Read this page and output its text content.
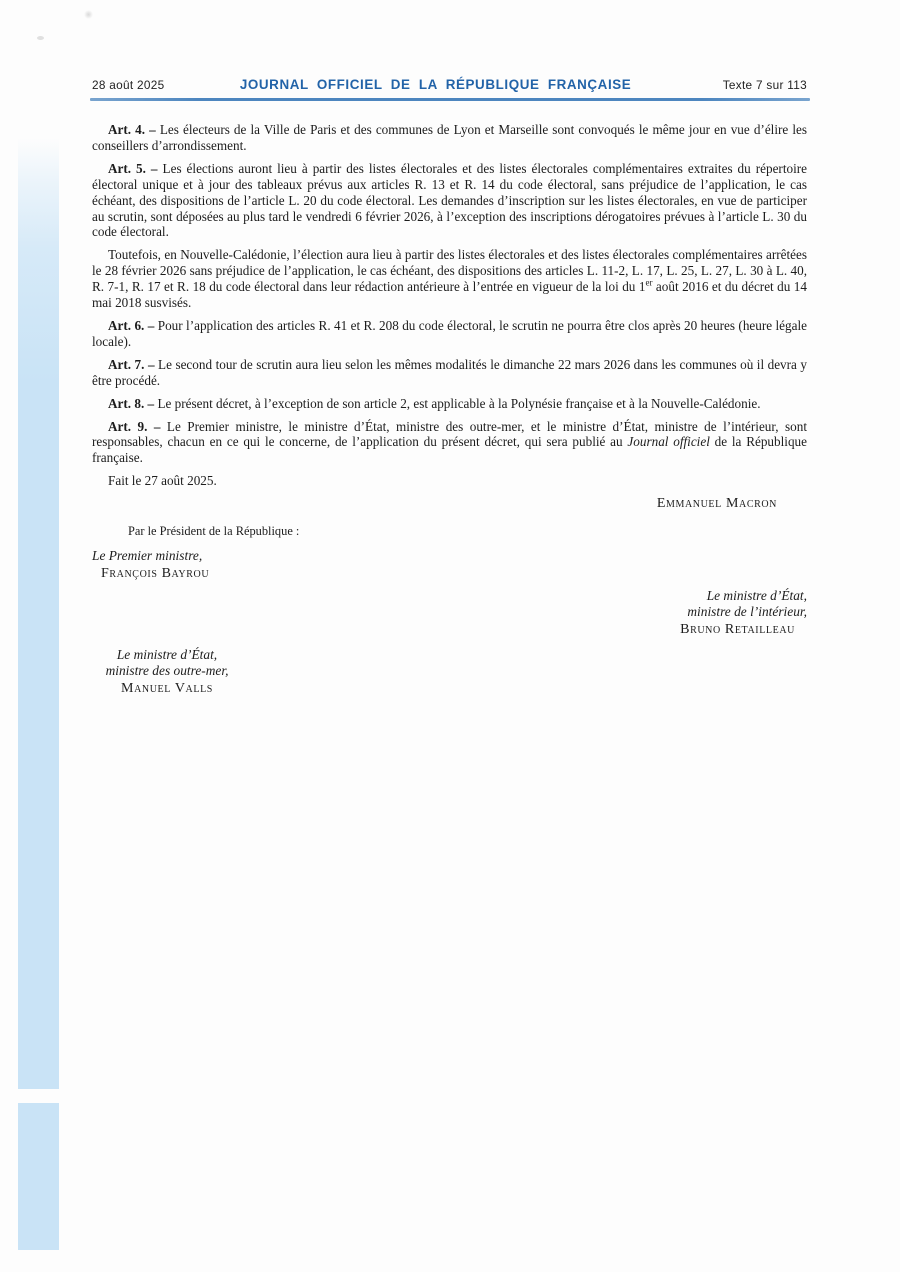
28 août 2025	JOURNAL OFFICIEL DE LA RÉPUBLIQUE FRANÇAISE	Texte 7 sur 113

Art. 4. – Les électeurs de la Ville de Paris et des communes de Lyon et Marseille sont convoqués le même jour en vue d’élire les conseillers d’arrondissement.

Art. 5. – Les élections auront lieu à partir des listes électorales et des listes électorales complémentaires extraites du répertoire électoral unique et à jour des tableaux prévus aux articles R. 13 et R. 14 du code électoral, sans préjudice de l’application, le cas échéant, des dispositions de l’article L. 20 du code électoral. Les demandes d’inscription sur les listes électorales, en vue de participer au scrutin, sont déposées au plus tard le vendredi 6 février 2026, à l’exception des inscriptions dérogatoires prévues à l’article L. 30 du code électoral.

Toutefois, en Nouvelle-Calédonie, l’élection aura lieu à partir des listes électorales et des listes électorales complémentaires arrêtées le 28 février 2026 sans préjudice de l’application, le cas échéant, des dispositions des articles L. 11-2, L. 17, L. 25, L. 27, L. 30 à L. 40, R. 7-1, R. 17 et R. 18 du code électoral dans leur rédaction antérieure à l’entrée en vigueur de la loi du 1er août 2016 et du décret du 14 mai 2018 susvisés.

Art. 6. – Pour l’application des articles R. 41 et R. 208 du code électoral, le scrutin ne pourra être clos après 20 heures (heure légale locale).

Art. 7. – Le second tour de scrutin aura lieu selon les mêmes modalités le dimanche 22 mars 2026 dans les communes où il devra y être procédé.

Art. 8. – Le présent décret, à l’exception de son article 2, est applicable à la Polynésie française et à la Nouvelle-Calédonie.

Art. 9. – Le Premier ministre, le ministre d’État, ministre des outre-mer, et le ministre d’État, ministre de l’intérieur, sont responsables, chacun en ce qui le concerne, de l’application du présent décret, qui sera publié au Journal officiel de la République française.

Fait le 27 août 2025.

Emmanuel Macron
Par le Président de la République :
Le Premier ministre,
François Bayrou
Le ministre d’État,
ministre de l’intérieur,
Bruno Retailleau
Le ministre d’État,
ministre des outre-mer,
Manuel Valls
